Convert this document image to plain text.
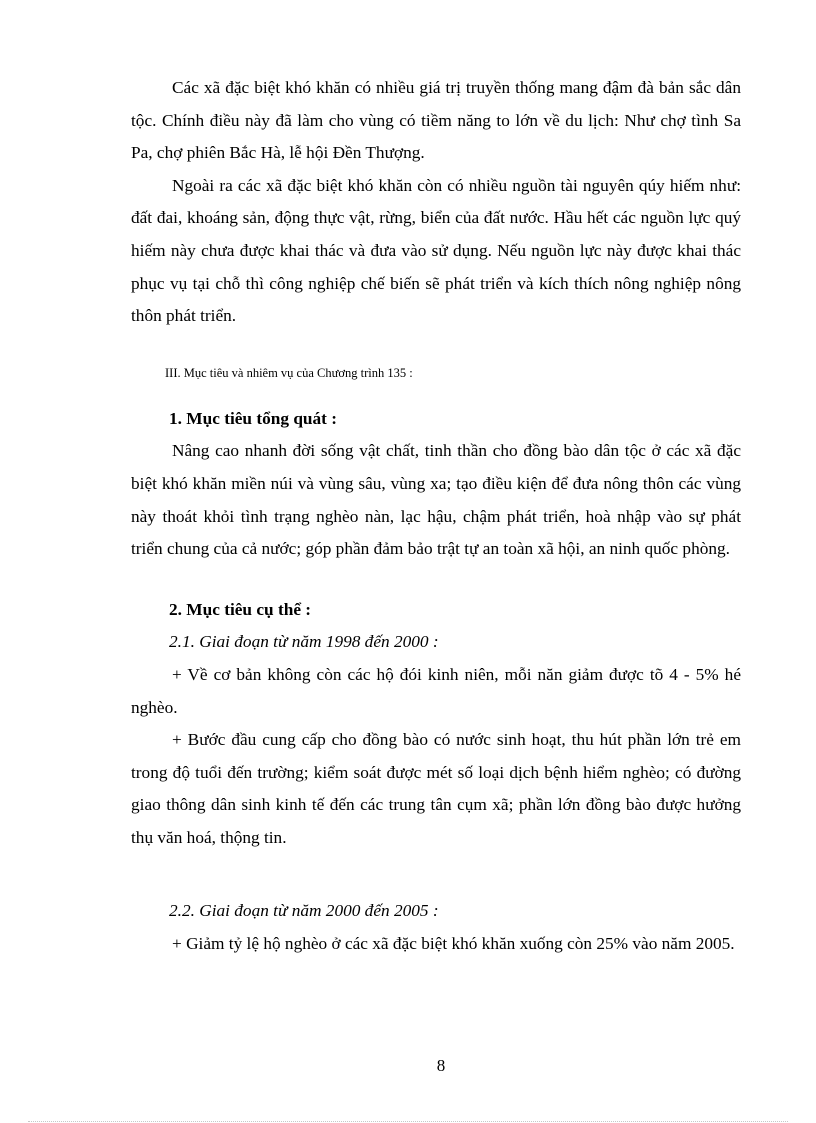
Các xã đặc biệt khó khăn có nhiều giá trị truyền thống mang đậm đà bản sắc dân tộc. Chính điều này đã làm cho vùng có tiềm năng to lớn về du lịch: Như chợ tình Sa Pa, chợ phiên Bắc Hà, lễ hội Đền Thượng.

Ngoài ra các xã đặc biệt khó khăn còn có nhiều nguồn tài nguyên qúy hiếm như: đất đai, khoáng sản, động thực vật, rừng, biển của đất nước. Hầu hết các nguồn lực quý hiếm này chưa được khai thác và đưa vào sử dụng. Nếu nguồn lực này được khai thác phục vụ tại chỗ thì công nghiệp chế biến sẽ phát triển và kích thích nông nghiệp nông thôn phát triển.

III. Mục tiêu và nhiêm vụ của Chương trình 135 :

1. Mục tiêu tổng quát :

Nâng cao nhanh đời sống vật chất, tinh thần cho đồng bào dân tộc ở các xã đặc biệt khó khăn miền núi và vùng sâu, vùng xa; tạo điều kiện để đưa nông thôn các vùng này thoát khỏi tình trạng nghèo nàn, lạc hậu, chậm phát triển, hoà nhập vào sự phát triển chung của cả nước; góp phần đảm bảo trật tự an toàn xã hội, an ninh quốc phòng.

2. Mục tiêu cụ thể :

2.1. Giai đoạn từ năm 1998 đến 2000 :

+ Về cơ bản không còn các hộ đói kinh niên, mỗi năn giảm được tõ 4 - 5% hé nghèo.

+ Bước đầu cung cấp cho đồng bào có nước sinh hoạt, thu hút phần lớn trẻ em trong độ tuổi đến trường; kiểm soát được mét số loại dịch bệnh hiểm nghèo; có đường giao thông dân sinh kinh tế đến các trung tân cụm xã; phần lớn đồng bào được hưởng thụ văn hoá, thộng tin.

2.2. Giai đoạn từ năm 2000 đến 2005 :

+ Giảm tỷ lệ hộ nghèo ở các xã đặc biệt khó khăn xuống còn 25% vào năm 2005.

8
